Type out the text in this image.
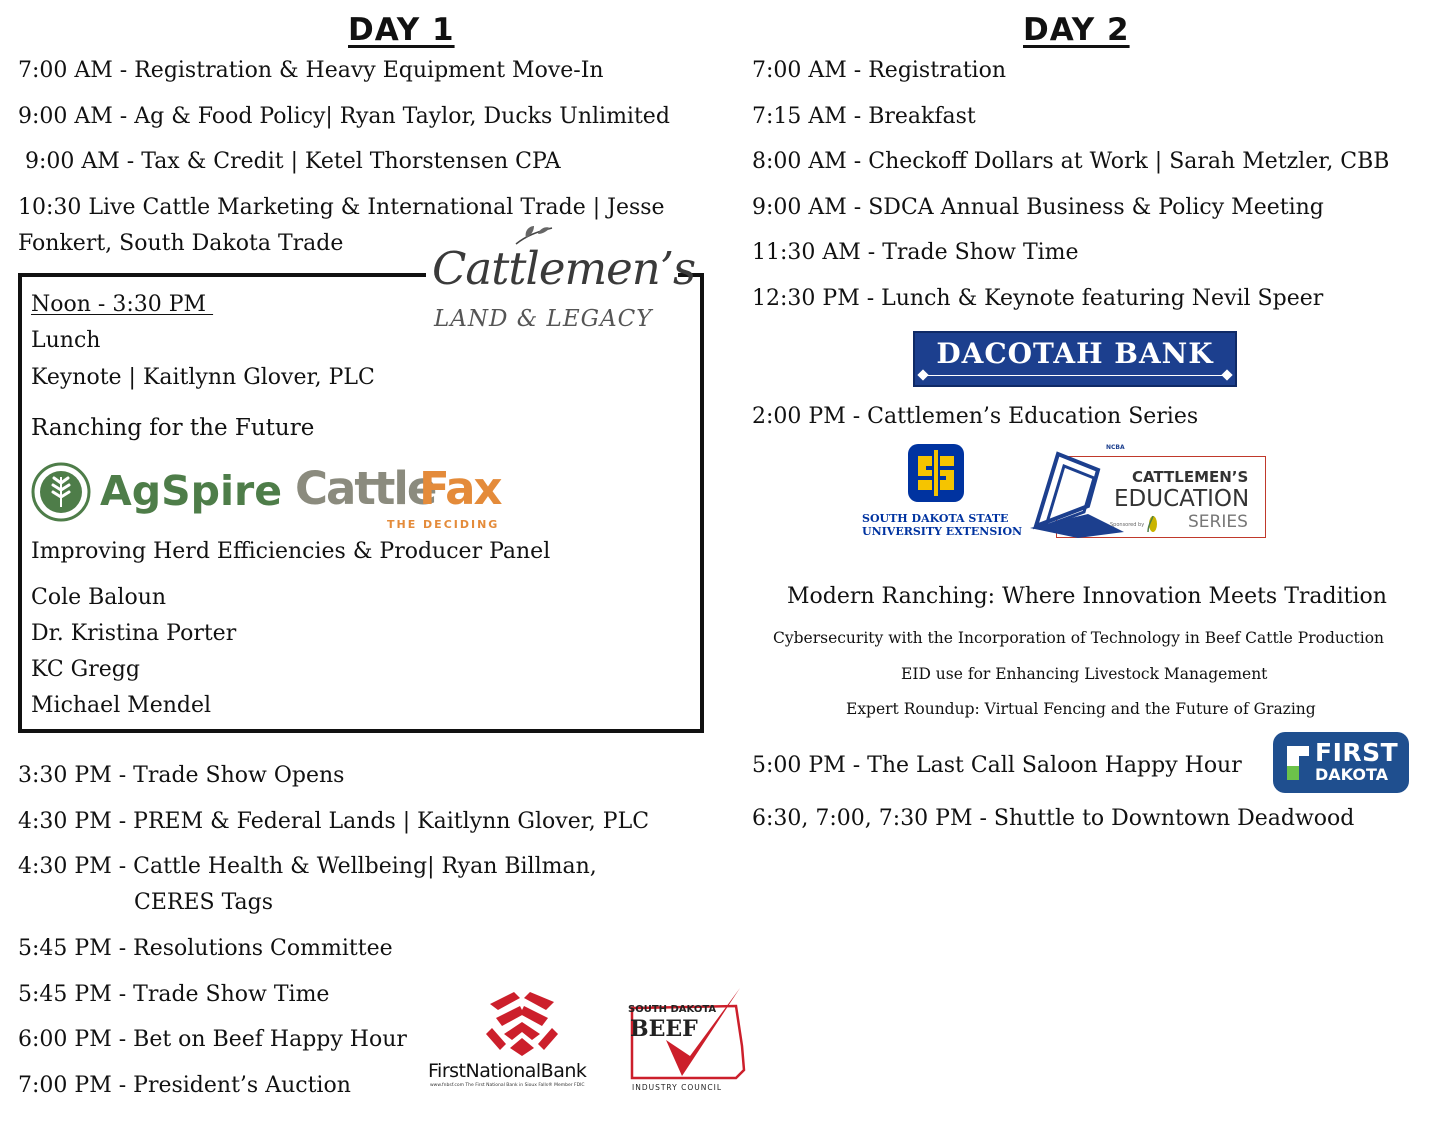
DAY 1
7:00 AM - Registration & Heavy Equipment Move-In
9:00 AM - Ag & Food Policy| Ryan Taylor, Ducks Unlimited
9:00 AM - Tax & Credit | Ketel Thorstensen CPA
10:30 Live Cattle Marketing & International Trade | Jesse
Fonkert, South Dakota Trade Cattlemen’s
LAND & LEGACY
Noon - 3:30 PM
Lunch
Keynote | Kaitlynn Glover, PLC
Ranching for the Future
AgSpire Cattle
Fax
THE DECIDING
Improving Herd Efficiencies & Producer Panel
Cole Baloun
Dr. Kristina Porter
KC Gregg
Michael Mendel
3:30 PM - Trade Show Opens
4:30 PM - PREM & Federal Lands | Kaitlynn Glover, PLC
4:30 PM - Cattle Health & Wellbeing| Ryan Billman,
CERES Tags
5:45 PM - Resolutions Committee
5:45 PM - Trade Show Time
6:00 PM - Bet on Beef Happy Hour
7:00 PM - President’s Auction
FirstNationalBank
www.fnbsf.com The First National Bank in Sioux Falls® Member FDIC
SOUTH DAKOTA
BEEF
INDUSTRY COUNCIL
DAY 2
7:00 AM - Registration
7:15 AM - Breakfast
8:00 AM - Checkoff Dollars at Work | Sarah Metzler, CBB
9:00 AM - SDCA Annual Business & Policy Meeting
11:30 AM - Trade Show Time
12:30 PM - Lunch & Keynote featuring Nevil Speer
DACOTAH BANK
2:00 PM - Cattlemen’s Education Series
SOUTH DAKOTA STATE
UNIVERSITY EXTENSION
NCBA
CATTLEMEN’S
EDUCATION
SERIES
Sponsored by
Modern Ranching: Where Innovation Meets Tradition
Cybersecurity with the Incorporation of Technology in Beef Cattle Production
EID use for Enhancing Livestock Management
Expert Roundup: Virtual Fencing and the Future of Grazing
5:00 PM - The Last Call Saloon Happy Hour	FIRST
DAKOTA
6:30, 7:00, 7:30 PM - Shuttle to Downtown Deadwood
